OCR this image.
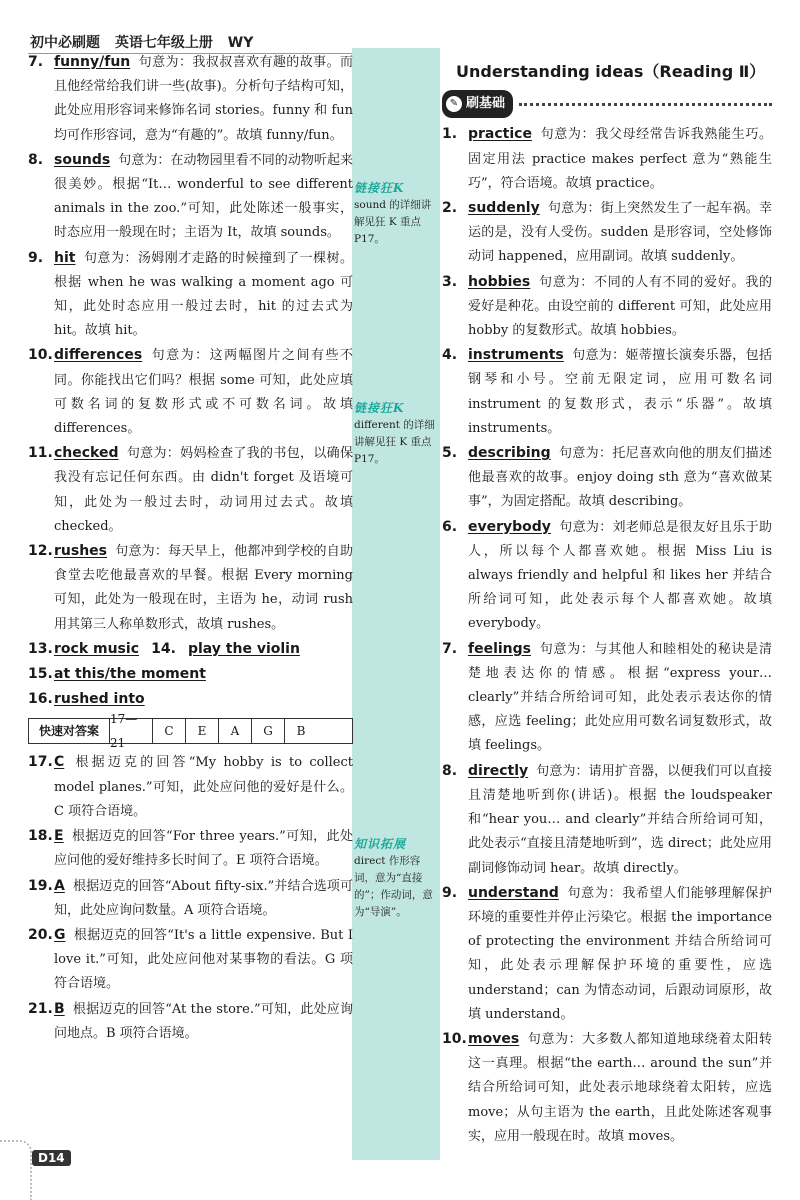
初中必刷题 英语七年级上册 WY
链接狂K
sound 的详细讲解见狂 K 重点 P17。
链接狂K
different 的详细讲解见狂 K 重点 P17。
知识拓展
direct 作形容词，意为“直接的”；作动词，意为“导演”。
7. funny/fun 句意为：我叔叔喜欢有趣的故事。而且他经常给我们讲一些(故事)。分析句子结构可知，此处应用形容词来修饰名词 stories。funny 和 fun 均可作形容词，意为“有趣的”。故填 funny/fun。
8. sounds 句意为：在动物园里看不同的动物听起来很美妙。根据“It… wonderful to see different animals in the zoo.”可知，此处陈述一般事实，时态应用一般现在时；主语为 It，故填 sounds。
9. hit 句意为：汤姆刚才走路的时候撞到了一棵树。根据 when he was walking a moment ago 可知，此处时态应用一般过去时，hit 的过去式为 hit。故填 hit。
10. differences 句意为：这两幅图片之间有些不同。你能找出它们吗？根据 some 可知，此处应填可数名词的复数形式或不可数名词。故填 differences。
11. checked 句意为：妈妈检查了我的书包，以确保我没有忘记任何东西。由 didn't forget 及语境可知，此处为一般过去时，动词用过去式。故填 checked。
12. rushes 句意为：每天早上，他都冲到学校的自助食堂去吃他最喜欢的早餐。根据 Every morning 可知，此处为一般现在时，主语为 he，动词 rush 用其第三人称单数形式，故填 rushes。
13. rock music 14. play the violin
15. at this/the moment
16. rushed into
快速对答案
17—21
C	E	A	G	B
17. C 根据迈克的回答“My hobby is to collect model planes.”可知，此处应问他的爱好是什么。C 项符合语境。
18. E 根据迈克的回答“For three years.”可知，此处应问他的爱好维持多长时间了。E 项符合语境。
19. A 根据迈克的回答“About fifty-six.”并结合选项可知，此处应询问数量。A 项符合语境。
20. G 根据迈克的回答“It's a little expensive. But I love it.”可知，此处应问他对某事物的看法。G 项符合语境。
21. B 根据迈克的回答“At the store.”可知，此处应询问地点。B 项符合语境。
Understanding ideas（Reading Ⅱ）
✎ 刷基础
1. practice 句意为：我父母经常告诉我熟能生巧。固定用法 practice makes perfect 意为“熟能生巧”，符合语境。故填 practice。
2. suddenly 句意为：街上突然发生了一起车祸。幸运的是，没有人受伤。sudden 是形容词，空处修饰动词 happened，应用副词。故填 suddenly。
3. hobbies 句意为：不同的人有不同的爱好。我的爱好是种花。由设空前的 different 可知，此处应用 hobby 的复数形式。故填 hobbies。
4. instruments 句意为：姬蒂擅长演奏乐器，包括钢琴和小号。空前无限定词，应用可数名词 instrument 的复数形式，表示“乐器”。故填 instruments。
5. describing 句意为：托尼喜欢向他的朋友们描述他最喜欢的故事。enjoy doing sth 意为“喜欢做某事”，为固定搭配。故填 describing。
6. everybody 句意为：刘老师总是很友好且乐于助人，所以每个人都喜欢她。根据 Miss Liu is always friendly and helpful 和 likes her 并结合所给词可知，此处表示每个人都喜欢她。故填 everybody。
7. feelings 句意为：与其他人和睦相处的秘诀是清楚地表达你的情感。根据“express your… clearly”并结合所给词可知，此处表示表达你的情感，应选 feeling；此处应用可数名词复数形式，故填 feelings。
8. directly 句意为：请用扩音器，以便我们可以直接且清楚地听到你(讲话)。根据 the loudspeaker 和“hear you… and clearly”并结合所给词可知，此处表示“直接且清楚地听到”，选 direct；此处应用副词修饰动词 hear。故填 directly。
9. understand 句意为：我希望人们能够理解保护环境的重要性并停止污染它。根据 the importance of protecting the environment 并结合所给词可知，此处表示理解保护环境的重要性，应选 understand；can 为情态动词，后跟动词原形，故填 understand。
10. moves 句意为：大多数人都知道地球绕着太阳转这一真理。根据“the earth… around the sun”并结合所给词可知，此处表示地球绕着太阳转，应选 move；从句主语为 the earth，且此处陈述客观事实，应用一般现在时。故填 moves。
D14
